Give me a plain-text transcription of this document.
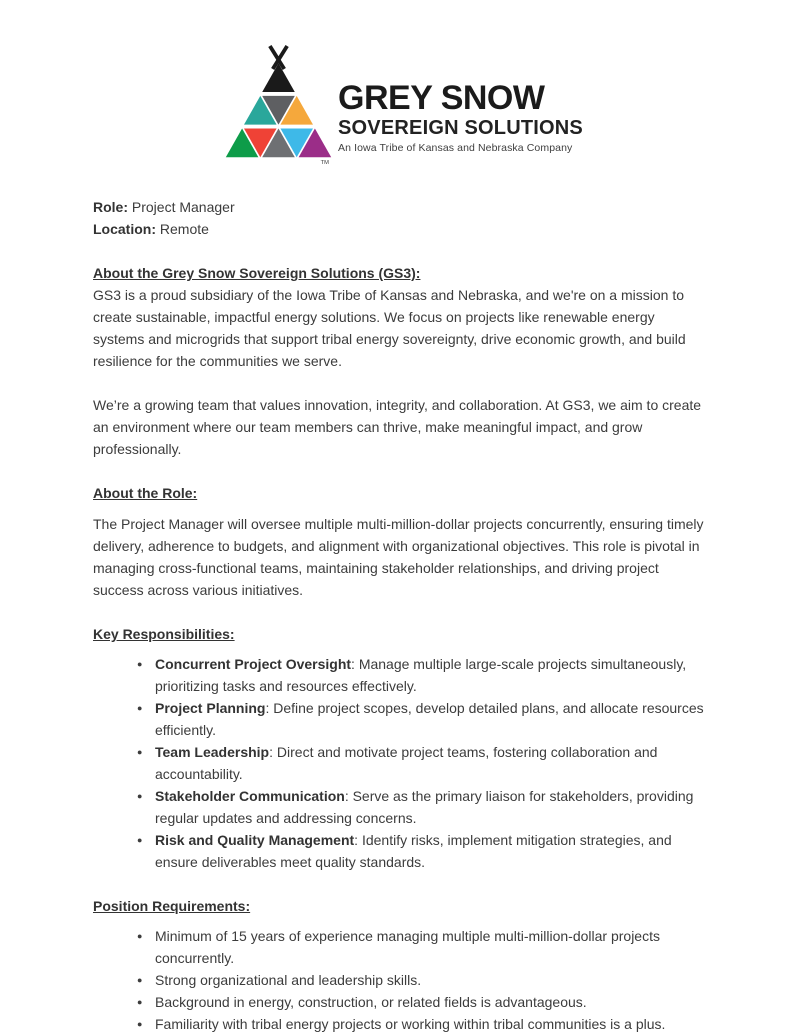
TM
GREY SNOW
SOVEREIGN SOLUTIONS
An Iowa Tribe of Kansas and Nebraska Company
Role: Project Manager
Location: Remote
About the Grey Snow Sovereign Solutions (GS3):

GS3 is a proud subsidiary of the Iowa Tribe of Kansas and Nebraska, and we're on a mission to create sustainable, impactful energy solutions. We focus on projects like renewable energy systems and microgrids that support tribal energy sovereignty, drive economic growth, and build resilience for the communities we serve.

We’re a growing team that values innovation, integrity, and collaboration. At GS3, we aim to create an environment where our team members can thrive, make meaningful impact, and grow professionally.

About the Role:

The Project Manager will oversee multiple multi-million-dollar projects concurrently, ensuring timely delivery, adherence to budgets, and alignment with organizational objectives. This role is pivotal in managing cross-functional teams, maintaining stakeholder relationships, and driving project success across various initiatives.

Key Responsibilities:
● Concurrent Project Oversight: Manage multiple large-scale projects simultaneously, prioritizing tasks and resources effectively.
● Project Planning: Define project scopes, develop detailed plans, and allocate resources efficiently.
● Team Leadership: Direct and motivate project teams, fostering collaboration and accountability.
● Stakeholder Communication: Serve as the primary liaison for stakeholders, providing regular updates and addressing concerns.
● Risk and Quality Management: Identify risks, implement mitigation strategies, and ensure deliverables meet quality standards.
Position Requirements:
● Minimum of 15 years of experience managing multiple multi-million-dollar projects concurrently.
● Strong organizational and leadership skills.
● Background in energy, construction, or related fields is advantageous.
● Familiarity with tribal energy projects or working within tribal communities is a plus.
